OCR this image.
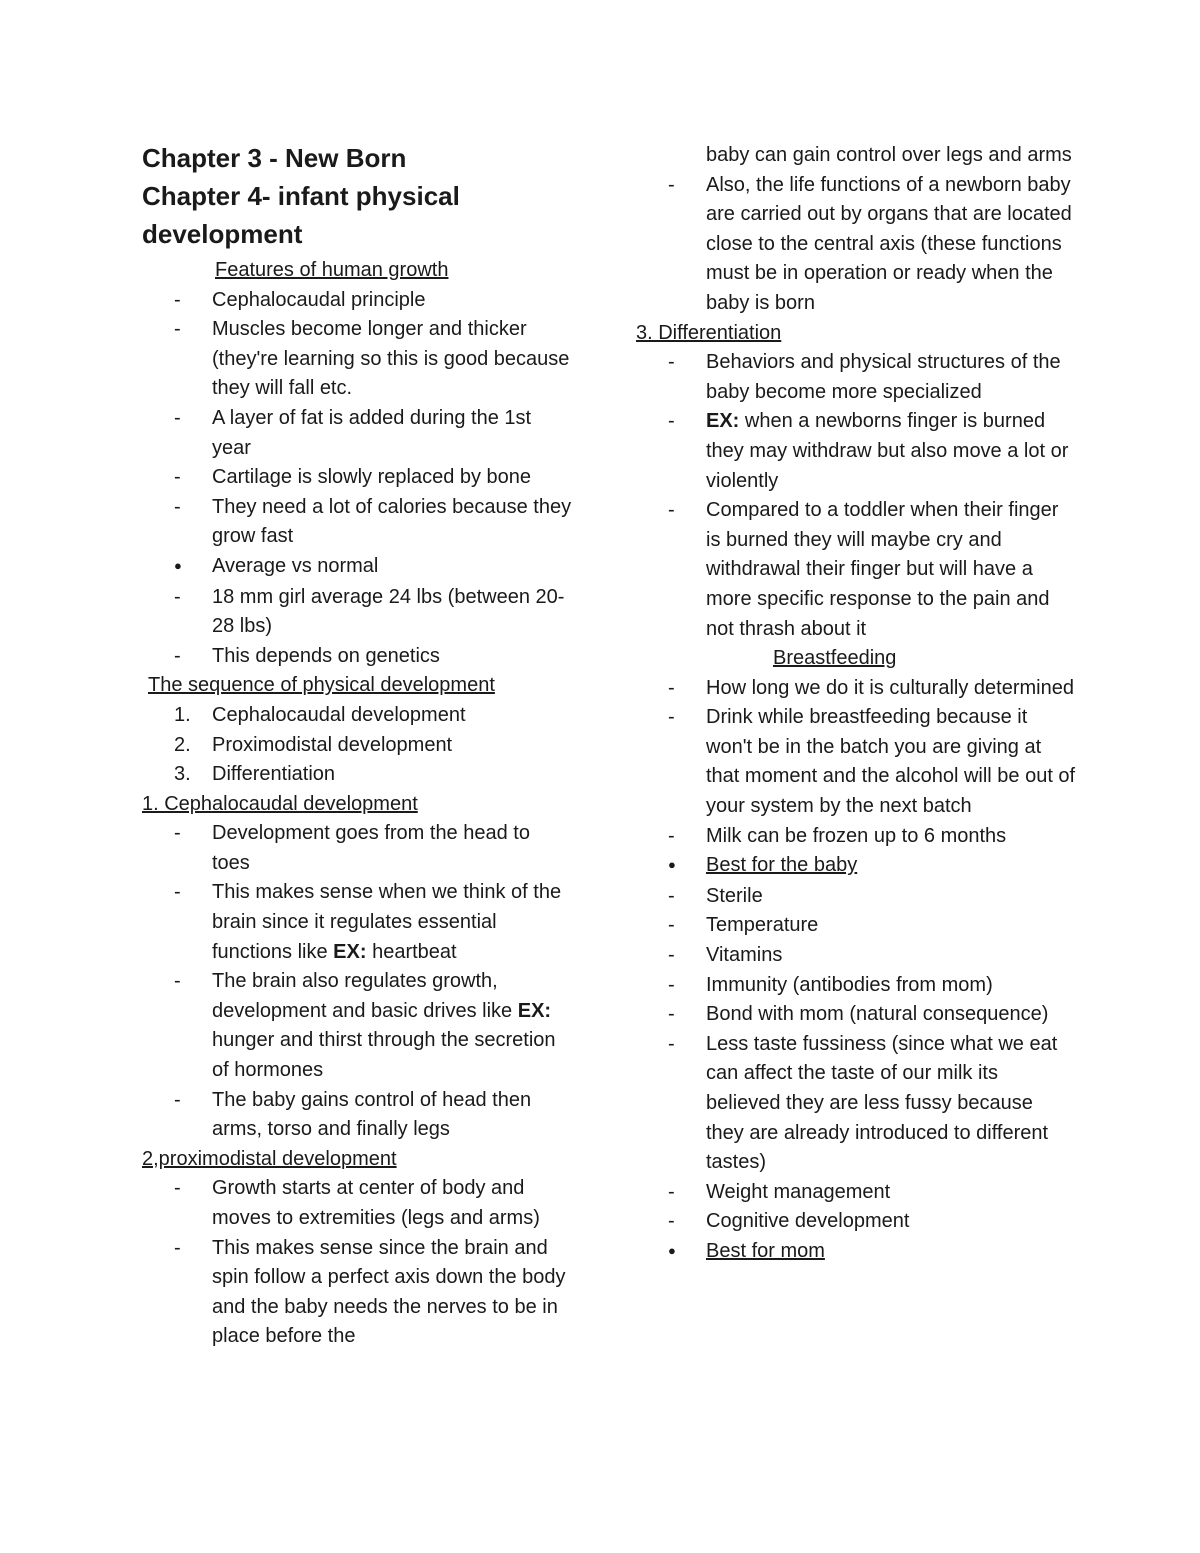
Chapter 3 - New Born
Chapter 4- infant physical
development
Features of human growth
-	Cephalocaudal principle
-	Muscles become longer and thicker (they're learning so this is good because they will fall etc.
-	A layer of fat is added during the 1st year
-	Cartilage is slowly replaced by bone
-	They need a lot of calories because they grow fast
●
Average vs normal
-	18 mm girl average 24 lbs (between 20-28 lbs)
-	This depends on genetics
The sequence of physical development
1.	Cephalocaudal development
2.	Proximodistal development
3.	Differentiation
1. Cephalocaudal development
-	Development goes from the head to toes
-	This makes sense when we think of the brain since it regulates essential functions like EX: heartbeat
-	The brain also regulates growth, development and basic drives like EX: hunger and thirst through the secretion of hormones
-	The baby gains control of head then arms, torso and finally legs
2,proximodistal development
-	Growth starts at center of body and moves to extremities (legs and arms)
-	This makes sense since the brain and spin follow a perfect axis down the body and the baby needs the nerves to be in place before the
baby can gain control over legs and arms
-	Also, the life functions of a newborn baby are carried out by organs that are located close to the central axis (these functions must be in operation or ready when the baby is born
3. Differentiation
-	Behaviors and physical structures of the baby become more specialized
-	EX: when a newborns finger is burned they may withdraw but also move a lot or violently
-	Compared to a toddler when their finger is burned they will maybe cry and withdrawal their finger but will have a more specific response to the pain and not thrash about it
Breastfeeding
-	How long we do it is culturally determined
-	Drink while breastfeeding because it won't be in the batch you are giving at that moment and the alcohol will be out of your system by the next batch
-	Milk can be frozen up to 6 months
●
Best for the baby
-	Sterile
-	Temperature
-	Vitamins
-	Immunity (antibodies from mom)
-	Bond with mom (natural consequence)
-	Less taste fussiness (since what we eat can affect the taste of our milk its believed they are less fussy because they are already introduced to different tastes)
-	Weight management
-	Cognitive development
●
Best for mom
